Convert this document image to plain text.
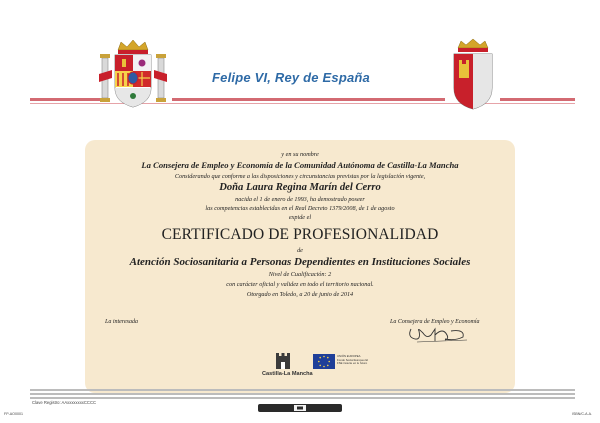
Felipe VI, Rey de España
y en su nombre
La Consejera de Empleo y Economía de la Comunidad Autónoma de Castilla-La Mancha
Considerando que conforme a las disposiciones y circunstancias previstas por la legislación vigente,
Doña Laura Regina Marín del Cerro
nacida el 1 de enero de 1993, ha demostrado poseer
las competencias establecidas en el Real Decreto 1379/2008, de 1 de agosto
expide el
CERTIFICADO DE PROFESIONALIDAD
de
Atención Sociosanitaria a Personas Dependientes en Instituciones Sociales
Nivel de Cualificación: 2
con carácter oficial y validez en todo el territorio nacional.
Otorgado en Toledo, a 20 de junio de 2014
La interesada	La Consejera de Empleo y Economía
Castilla-La Mancha
UNIÓN EUROPEA Fondo Social Europeo El FSE invierte en tu futuro
Clave Registro: AAxxxxxxxxCCCC
FP-AO0001	ISBN/C-A.A.
